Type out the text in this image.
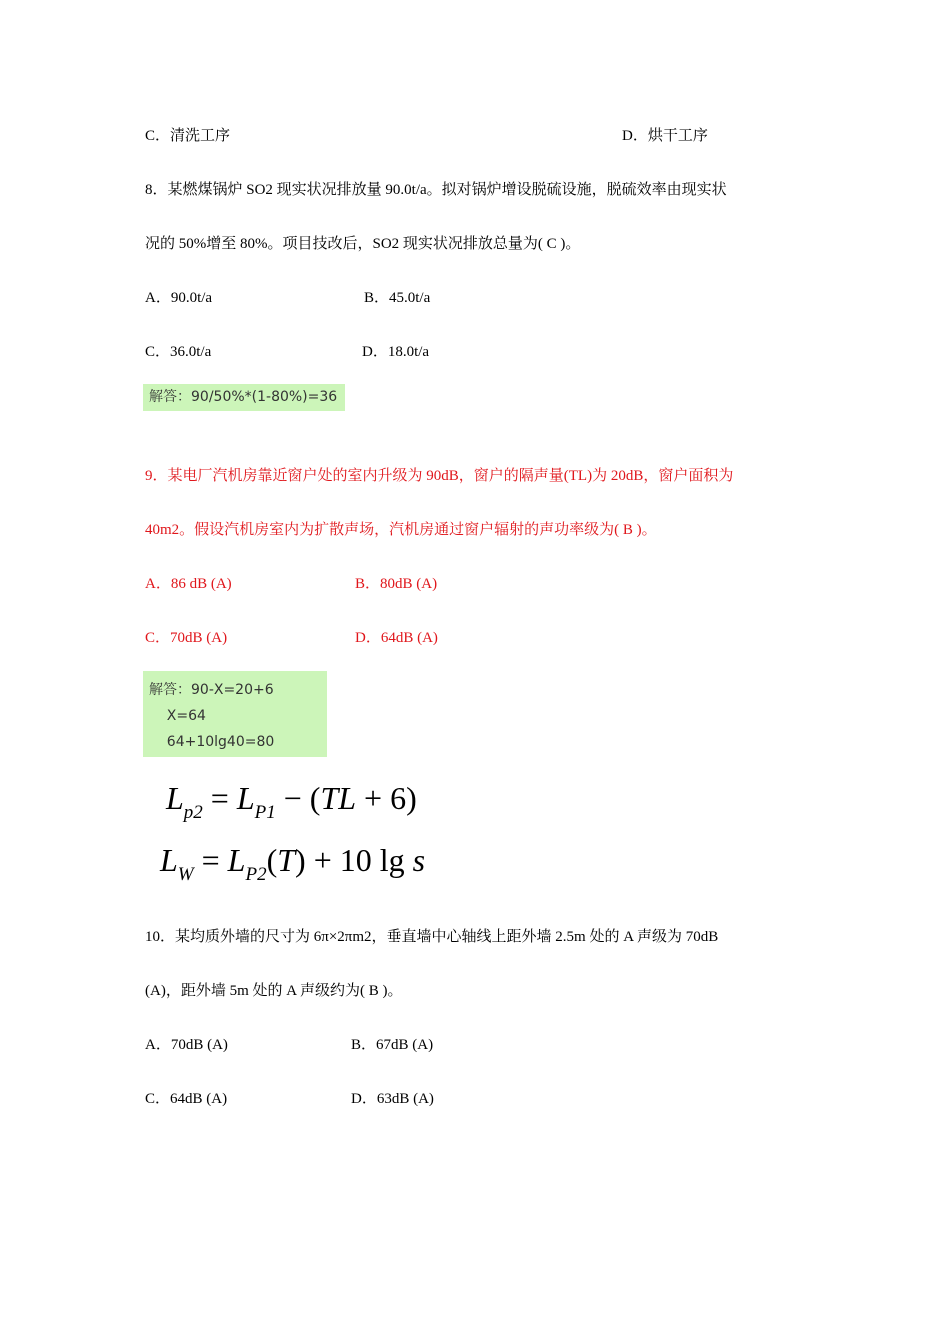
C．清洗工序	D．烘干工序
8．某燃煤锅炉 SO2 现实状况排放量 90.0t/a。拟对锅炉增设脱硫设施，脱硫效率由现实状
况的 50%增至 80%。项目技改后，SO2 现实状况排放总量为( C )。
A．90.0t/a	B．45.0t/a
C．36.0t/a	D．18.0t/a
解答：90/50%*(1-80%)=36
9．某电厂汽机房靠近窗户处的室内升级为 90dB，窗户的隔声量(TL)为 20dB，窗户面积为
40m2。假设汽机房室内为扩散声场，汽机房通过窗户辐射的声功率级为( B )。
A．86 dB (A)	B．80dB (A)
C．70dB (A)	D．64dB (A)
解答：90-X=20+6
X=64
64+10lg40=80
$L_{p2} = L_{P1} - (TL + 6)$
$L_W = L_{P2}(T) + 10$ lg s
10．某均质外墙的尺寸为 6π×2πm2，垂直墙中心轴线上距外墙 2.5m 处的 A 声级为 70dB
(A)，距外墙 5m 处的 A 声级约为( B )。
A．70dB (A)	B．67dB (A)
C．64dB (A)	D．63dB (A)
